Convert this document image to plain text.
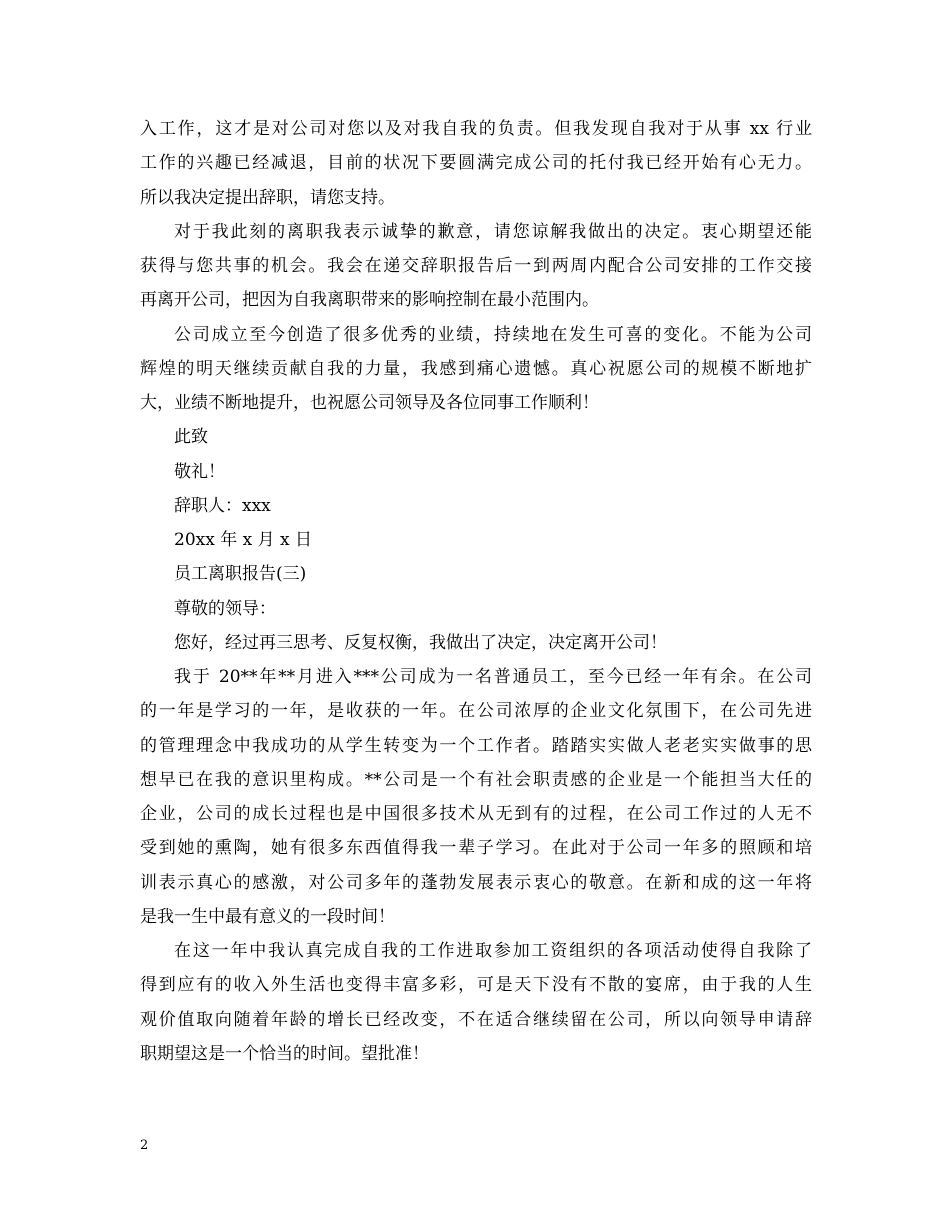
入工作，这才是对公司对您以及对我自我的负责。但我发现自我对于从事 xx 行业
工作的兴趣已经减退，目前的状况下要圆满完成公司的托付我已经开始有心无力。
所以我决定提出辞职，请您支持。
对于我此刻的离职我表示诚挚的歉意，请您谅解我做出的决定。衷心期望还能
获得与您共事的机会。我会在递交辞职报告后一到两周内配合公司安排的工作交接
再离开公司，把因为自我离职带来的影响控制在最小范围内。
公司成立至今创造了很多优秀的业绩，持续地在发生可喜的变化。不能为公司
辉煌的明天继续贡献自我的力量，我感到痛心遗憾。真心祝愿公司的规模不断地扩
大，业绩不断地提升，也祝愿公司领导及各位同事工作顺利！
此致
敬礼！
辞职人：xxx
20xx 年 x 月 x 日
员工离职报告(三)
尊敬的领导：
您好，经过再三思考、反复权衡，我做出了决定，决定离开公司！
我于 20**年**月进入***公司成为一名普通员工，至今已经一年有余。在公司
的一年是学习的一年，是收获的一年。在公司浓厚的企业文化氛围下，在公司先进
的管理理念中我成功的从学生转变为一个工作者。踏踏实实做人老老实实做事的思
想早已在我的意识里构成。**公司是一个有社会职责感的企业是一个能担当大任的
企业，公司的成长过程也是中国很多技术从无到有的过程，在公司工作过的人无不
受到她的熏陶，她有很多东西值得我一辈子学习。在此对于公司一年多的照顾和培
训表示真心的感激，对公司多年的蓬勃发展表示衷心的敬意。在新和成的这一年将
是我一生中最有意义的一段时间！
在这一年中我认真完成自我的工作进取参加工资组织的各项活动使得自我除了
得到应有的收入外生活也变得丰富多彩，可是天下没有不散的宴席，由于我的人生
观价值取向随着年龄的增长已经改变，不在适合继续留在公司，所以向领导申请辞
职期望这是一个恰当的时间。望批准！
2
